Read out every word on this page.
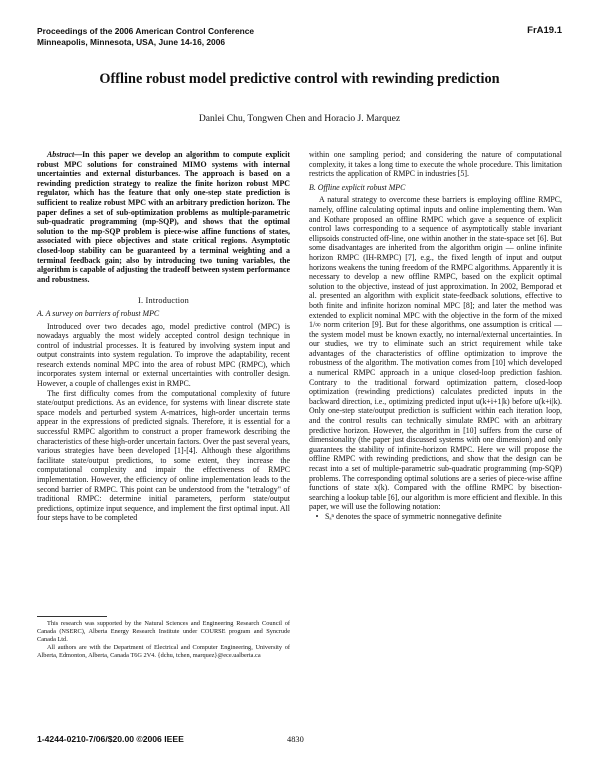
Proceedings of the 2006 American Control Conference
Minneapolis, Minnesota, USA, June 14-16, 2006
FrA19.1
Offline robust model predictive control with rewinding prediction
Danlei Chu, Tongwen Chen and Horacio J. Marquez

Abstract—In this paper we develop an algorithm to compute explicit robust MPC solutions for constrained MIMO systems with internal uncertainties and external disturbances. The approach is based on a rewinding prediction strategy to realize the finite horizon robust MPC regulator, which has the feature that only one-step state prediction is sufficient to realize robust MPC with an arbitrary prediction horizon. The paper defines a set of sub-optimization problems as multiple-parametric sub-quadratic programming (mp-SQP), and shows that the optimal solution to the mp-SQP problem is piece-wise affine functions of states, associated with piece objectives and state critical regions. Asymptotic closed-loop stability can be guaranteed by a terminal weighting and a terminal feedback gain; also by introducing two tuning variables, the algorithm is capable of adjusting the tradeoff between system performance and robustness.

I. Introduction
A. A survey on barriers of robust MPC

Introduced over two decades ago, model predictive control (MPC) is nowadays arguably the most widely accepted control design technique in control of industrial processes. It is featured by involving system input and output constraints into system regulation. To improve the adaptability, recent research extends nominal MPC into the area of robust MPC (RMPC), which incorporates system internal or external uncertainties with controller design. However, a couple of challenges exist in RMPC.

The first difficulty comes from the computational complexity of future state/output predictions. As an evidence, for systems with linear discrete state space models and perturbed system A-matrices, high-order uncertain terms appear in the expressions of predicted signals. Therefore, it is essential for a successful RMPC algorithm to construct a proper framework describing the characteristics of these high-order uncertain factors. Over the past several years, various strategies have been developed [1]-[4]. Although these algorithms facilitate state/output predictions, to some extent, they increase the computational complexity and impair the effectiveness of RMPC implementation. However, the efficiency of online implementation leads to the second barrier of RMPC. This point can be understood from the "tetralogy" of traditional RMPC: determine initial parameters, perform state/output predictions, optimize input sequence, and implement the first optimal input. All four steps have to be completed

This research was supported by the Natural Sciences and Engineering Research Council of Canada (NSERC), Alberta Energy Research Institute under COURSE program and Syncrude Canada Ltd.

All authors are with the Department of Electrical and Computer Engineering, University of Alberta, Edmonton, Alberta, Canada T6G 2V4. {dchu, tchen, marquez}@ece.ualberta.ca

within one sampling period; and considering the nature of computational complexity, it takes a long time to execute the whole procedure. This limitation restricts the application of RMPC in industries [5].

B. Offline explicit robust MPC

A natural strategy to overcome these barriers is employing offline RMPC, namely, offline calculating optimal inputs and online implementing them. Wan and Kothare proposed an offline RMPC which gave a sequence of explicit control laws corresponding to a sequence of asymptotically stable invariant ellipsoids constructed off-line, one within another in the state-space set [6]. But some disadvantages are inherited from the algorithm origin — online infinite horizon RMPC (IH-RMPC) [7], e.g., the fixed length of input and output horizons weakens the tuning freedom of the RMPC algorithms. Apparently it is necessary to develop a new offline RMPC, based on the explicit optimal solution to the objective, instead of just approximation. In 2002, Bemporad et al. presented an algorithm with explicit state-feedback solutions, effective to both finite and infinite horizon nominal MPC [8]; and later the method was extended to explicit nominal MPC with the objective in the form of the mixed 1/∞ norm criterion [9]. But for these algorithms, one assumption is critical — the system model must be known exactly, no internal/external uncertainties. In our studies, we try to eliminate such an strict requirement while take advantages of the characteristics of offline optimization to improve the robustness of the algorithm. The motivation comes from [10] which developed a numerical RMPC approach in a unique closed-loop prediction fashion. Contrary to the traditional forward optimization pattern, closed-loop optimization (rewinding predictions) calculates predicted inputs in the backward direction, i.e., optimizing predicted input u(k+i+1|k) before u(k+i|k). Only one-step state/output prediction is sufficient within each iteration loop, and the control results can technically simulate RMPC with an arbitrary predictive horizon. However, the algorithm in [10] suffers from the curse of dimensionality (the paper just discussed systems with one dimension) and only guarantees the stability of infinite-horizon RMPC. Here we will propose the offline RMPC with rewinding predictions, and show that the design can be recast into a set of multiple-parametric sub-quadratic programming (mp-SQP) problems. The corresponding optimal solutions are a series of piece-wise affine functions of state x(k). Compared with the offline RMPC by bisection-searching a lookup table [6], our algorithm is more efficient and flexible. In this paper, we will use the following notation:

• Sₐⁿ denotes the space of symmetric nonnegative definite
1-4244-0210-7/06/$20.00 ©2006 IEEE	4830
